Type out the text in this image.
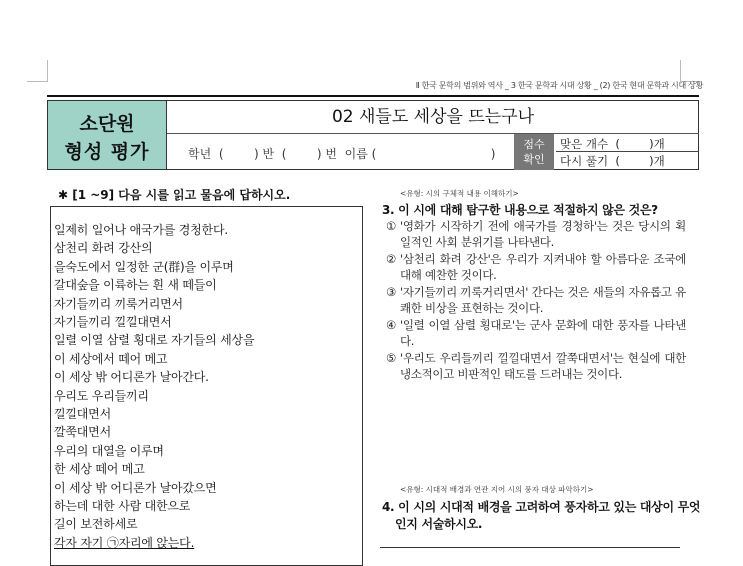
Ⅱ 한국 문학의 범위와 역사 _ 3 한국 문학과 시대 상황 _ (2) 한국 현대 문학과 시대 상황
소단원
형성 평가
02 새들도 세상을 뜨는구나
학년  (        ) 반  (        ) 번  이름 (                              )
점수
확인
맞은 개수  (        )개
다시 풀기  (        )개
✱ [1 ~9] 다음 시를 읽고 물음에 답하시오.
일제히 일어나 애국가를 경청한다.
삼천리 화려 강산의
을숙도에서 일정한 군(群)을 이루며
갈대숲을 이륙하는 흰 새 떼들이
자기들끼리 끼룩거리면서
자기들끼리 낄낄대면서
일렬 이열 삼렬 횡대로 자기들의 세상을
이 세상에서 떼어 메고
이 세상 밖 어디론가 날아간다.
우리도 우리들끼리
낄낄대면서
깔쭉대면서
우리의 대열을 이루며
한 세상 떼어 메고
이 세상 밖 어디론가 날아갔으면
하는데 대한 사람 대한으로
길이 보전하세로
각자 자기 ㉠자리에 앉는다.
<유형: 시의 구체적 내용 이해하기>
3. 이 시에 대해 탐구한 내용으로 적절하지 않은 것은?
① '영화가 시작하기 전에 애국가를 경청하'는 것은 당시의 획일적인 사회 분위기를 나타낸다.
② '삼천리 화려 강산'은 우리가 지켜내야 할 아름다운 조국에 대해 예찬한 것이다.
③ '자기들끼리 끼룩거리면서' 간다는 것은 새들의 자유롭고 유쾌한 비상을 표현하는 것이다.
④ '일렬 이열 삼렬 횡대로'는 군사 문화에 대한 풍자를 나타낸다.
⑤ '우리도 우리들끼리 낄낄대면서 깔쭉대면서'는 현실에 대한 냉소적이고 비판적인 태도를 드러내는 것이다.
<유형: 시대적 배경과 연관 지어 시의 풍자 대상 파악하기>
4. 이 시의 시대적 배경을 고려하여 풍자하고 있는 대상이 무엇
인지 서술하시오.
